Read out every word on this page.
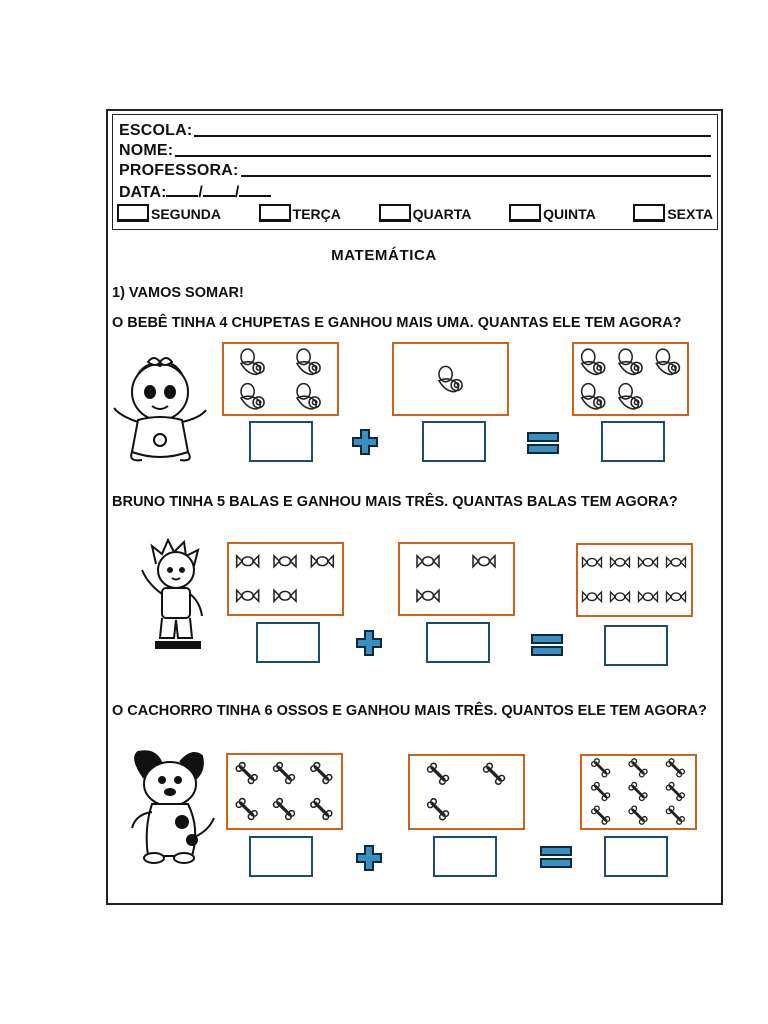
ESCOLA:
NOME:
PROFESSORA:
DATA: / /
SEGUNDA	TERÇA	QUARTA	QUINTA	SEXTA
MATEMÁTICA
1) VAMOS SOMAR!
O BEBÊ TINHA 4 CHUPETAS E GANHOU MAIS UMA. QUANTAS ELE TEM AGORA?
BRUNO TINHA 5 BALAS E GANHOU MAIS TRÊS. QUANTAS BALAS TEM AGORA?
O CACHORRO TINHA 6 OSSOS E GANHOU MAIS TRÊS. QUANTOS ELE TEM AGORA?
